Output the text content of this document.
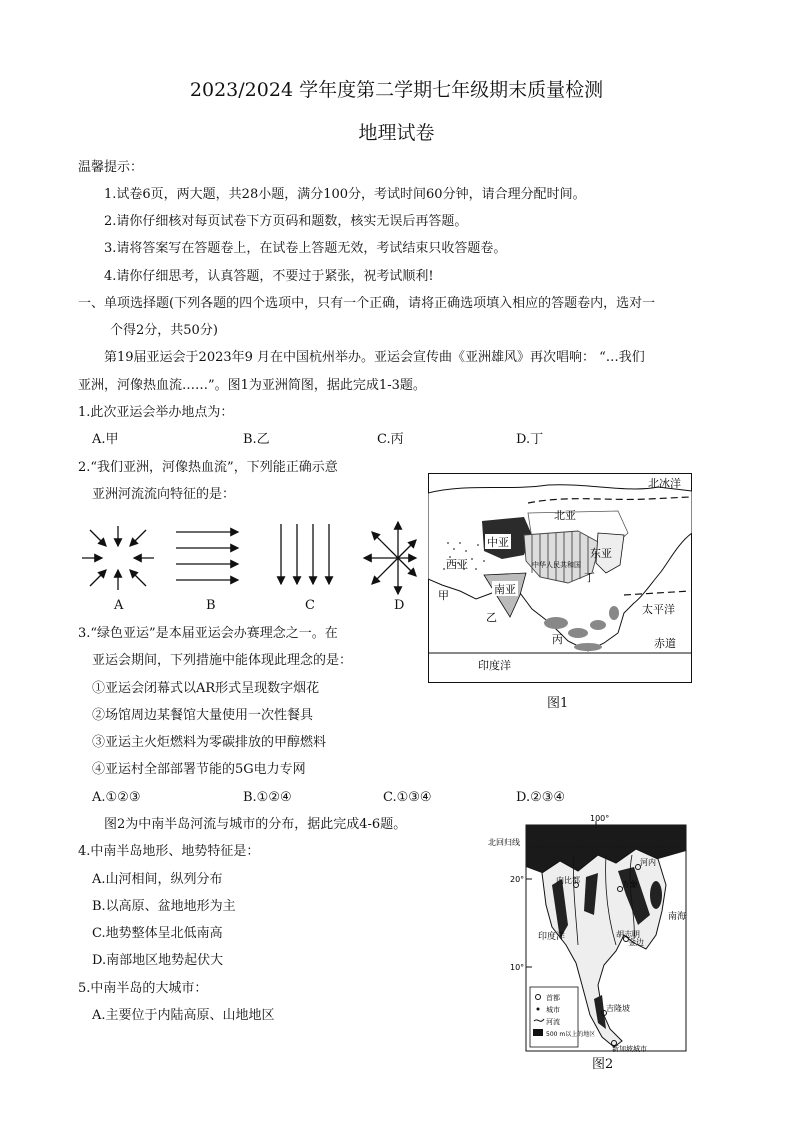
2023/2024 学年度第二学期七年级期末质量检测
地理试卷
温馨提示：
1.试卷6页，两大题，共28小题，满分100分，考试时间60分钟，请合理分配时间。
2.请你仔细核对每页试卷下方页码和题数，核实无误后再答题。
3.请将答案写在答题卷上，在试卷上答题无效，考试结束只收答题卷。
4.请你仔细思考，认真答题，不要过于紧张，祝考试顺利!
一、单项选择题(下列各题的四个选项中，只有一个正确，请将正确选项填入相应的答题卷内，选对一
个得2分，共50分)
第19届亚运会于2023年9 月在中国杭州举办。亚运会宣传曲《亚洲雄风》再次唱响： “…我们
亚洲，河像热血流……”。图1为亚洲简图，据此完成1-3题。
1.此次亚运会举办地点为：
A.甲	B.乙	C.丙	D.丁
2.“我们亚洲，河像热血流”，下列能正确示意
亚洲河流流向特征的是：
A	B	C	D
北冰洋
北亚
中亚
西亚
东亚
中华人民共和国
南亚
太平洋
印度洋
赤道
甲
乙
丙
丁
图1
3.“绿色亚运”是本届亚运会办赛理念之一。在
亚运会期间，下列措施中能体现此理念的是：
①亚运会闭幕式以AR形式呈现数字烟花
②场馆周边某餐馆大量使用一次性餐具
③亚运主火炬燃料为零碳排放的甲醇燃料
④亚运村全部部署节能的5G电力专网
A.①②③	B.①②④	C.①③④	D.②③④
图2为中南半岛河流与城市的分布，据此完成4-6题。
4.中南半岛地形、地势特征是：
A.山河相间，纵列分布
B.以高原、盆地地形为主
C.地势整体呈北低南高
D.南部地区地势起伏大
5.中南半岛的大城市：
A.主要位于内陆高原、山地地区
100°
北回归线
20°
10°
河内
万象
内比都
金边
胡志明
吉隆坡
新加坡城市
印度洋
南海
首都
城市
河流
500 m以上的地区
图2
